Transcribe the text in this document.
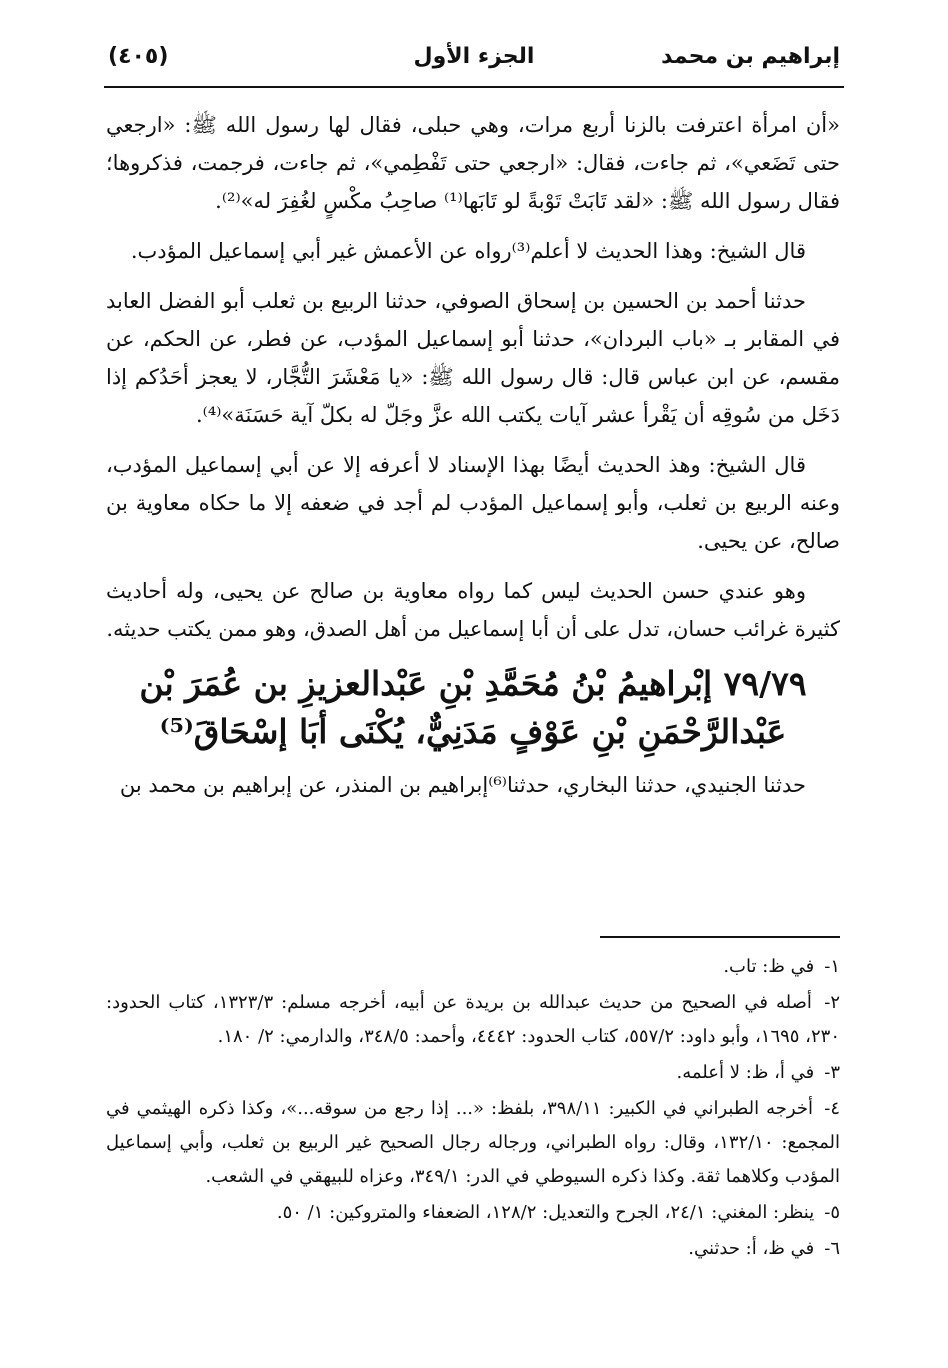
إبراهيم بن محمد
الجزء الأول
(٤٠٥)

«أن امرأة اعترفت بالزنا أربع مرات، وهي حبلى، فقال لها رسول الله ﷺ: «ارجعي حتى تَضَعي»، ثم جاءت، فقال: «ارجعي حتى تَفْطِمي»، ثم جاءت، فرجمت، فذكروها؛ فقال رسول الله ﷺ: «لقد تَابَتْ تَوْبةً لو تَابَها⁽¹⁾ صاحِبُ مكْسٍ لغُفِرَ له»⁽²⁾.

قال الشيخ: وهذا الحديث لا أعلم⁽³⁾رواه عن الأعمش غير أبي إسماعيل المؤدب.

حدثنا أحمد بن الحسين بن إسحاق الصوفي، حدثنا الربيع بن ثعلب أبو الفضل العابد في المقابر بـ «باب البردان»، حدثنا أبو إسماعيل المؤدب، عن فطر، عن الحكم، عن مقسم، عن ابن عباس قال: قال رسول الله ﷺ: «يا مَعْشَرَ التُّجَّار، لا يعجز أحَدُكم إذا دَخَل من سُوقِه أن يَقْرأ عشر آيات يكتب الله عزَّ وجَلّ له بكلّ آية حَسَنَة»⁽⁴⁾.

قال الشيخ: وهذ الحديث أيضًا بهذا الإسناد لا أعرفه إلا عن أبي إسماعيل المؤدب، وعنه الربيع بن ثعلب، وأبو إسماعيل المؤدب لم أجد في ضعفه إلا ما حكاه معاوية بن صالح، عن يحيى.

وهو عندي حسن الحديث ليس كما رواه معاوية بن صالح عن يحيى، وله أحاديث كثيرة غرائب حسان، تدل على أن أبا إسماعيل من أهل الصدق، وهو ممن يكتب حديثه.

٧٩/٧٩ إبْراهيمُ بْنُ مُحَمَّدِ بْنِ عَبْدالعزيزِ بن عُمَرَ بْن
عَبْدالرَّحْمَنِ بْنِ عَوْفٍ مَدَنِيٌّ، يُكْنَى أبَا إسْحَاقَ⁽⁵⁾

حدثنا الجنيدي، حدثنا البخاري، حدثنا⁽⁶⁾إبراهيم بن المنذر، عن إبراهيم بن محمد بن

١- في ظ: تاب.

٢- أصله في الصحيح من حديث عبدالله بن بريدة عن أبيه، أخرجه مسلم: ١٣٢٣/٣، كتاب الحدود: ٢٣٠، ١٦٩٥، وأبو داود: ٥٥٧/٢، كتاب الحدود: ٤٤٤٢، وأحمد: ٣٤٨/٥، والدارمي: ٢/ ١٨٠.

٣- في أ، ظ: لا أعلمه.

٤- أخرجه الطبراني في الكبير: ٣٩٨/١١، بلفظ: «... إذا رجع من سوقه...»، وكذا ذكره الهيثمي في المجمع: ١٣٢/١٠، وقال: رواه الطبراني، ورجاله رجال الصحيح غير الربيع بن ثعلب، وأبي إسماعيل المؤدب وكلاهما ثقة. وكذا ذكره السيوطي في الدر: ٣٤٩/١، وعزاه للبيهقي في الشعب.

٥- ينظر: المغني: ٢٤/١، الجرح والتعديل: ١٢٨/٢، الضعفاء والمتروكين: ١/ ٥٠.

٦- في ظ، أ: حدثني.
